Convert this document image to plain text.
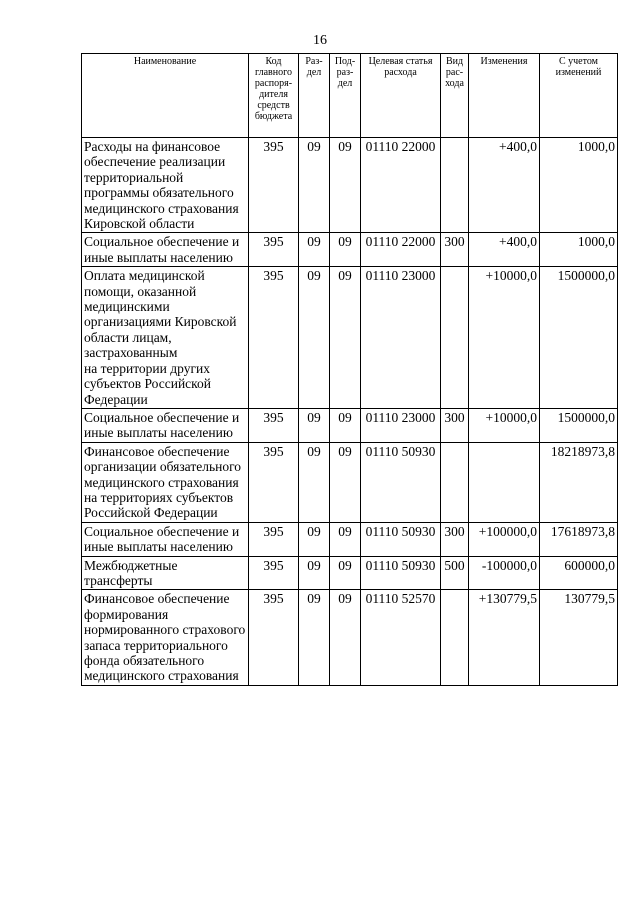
16
Наименование	Код главного распоря-дителя средств бюджета	Раз-дел	Под-раз-дел	Целевая статья расхода	Вид рас-хода	Изменения	С учетом изменений
Расходы на финансовое обеспечение реализации территориальной программы обязательного медицинского страхования Кировской области	395	09	09	01110 22000		+400,0	1000,0
Социальное обеспечение и иные выплаты населению	395	09	09	01110 22000	300	+400,0	1000,0
Оплата медицинской помощи, оказанной медицинскими организациями Кировской области лицам, застрахованным
на территории других субъектов Российской Федерации	395	09	09	01110 23000		+10000,0	1500000,0
Социальное обеспечение и иные выплаты населению	395	09	09	01110 23000	300	+10000,0	1500000,0
Финансовое обеспечение организации обязательного медицинского страхования
на территориях субъектов Российской Федерации	395	09	09	01110 50930			18218973,8
Социальное обеспечение и иные выплаты населению	395	09	09	01110 50930	300	+100000,0	17618973,8
Межбюджетные трансферты	395	09	09	01110 50930	500	-100000,0	600000,0
Финансовое обеспечение формирования нормированного страхового запаса территориального фонда обязательного медицинского страхования	395	09	09	01110 52570		+130779,5	130779,5
